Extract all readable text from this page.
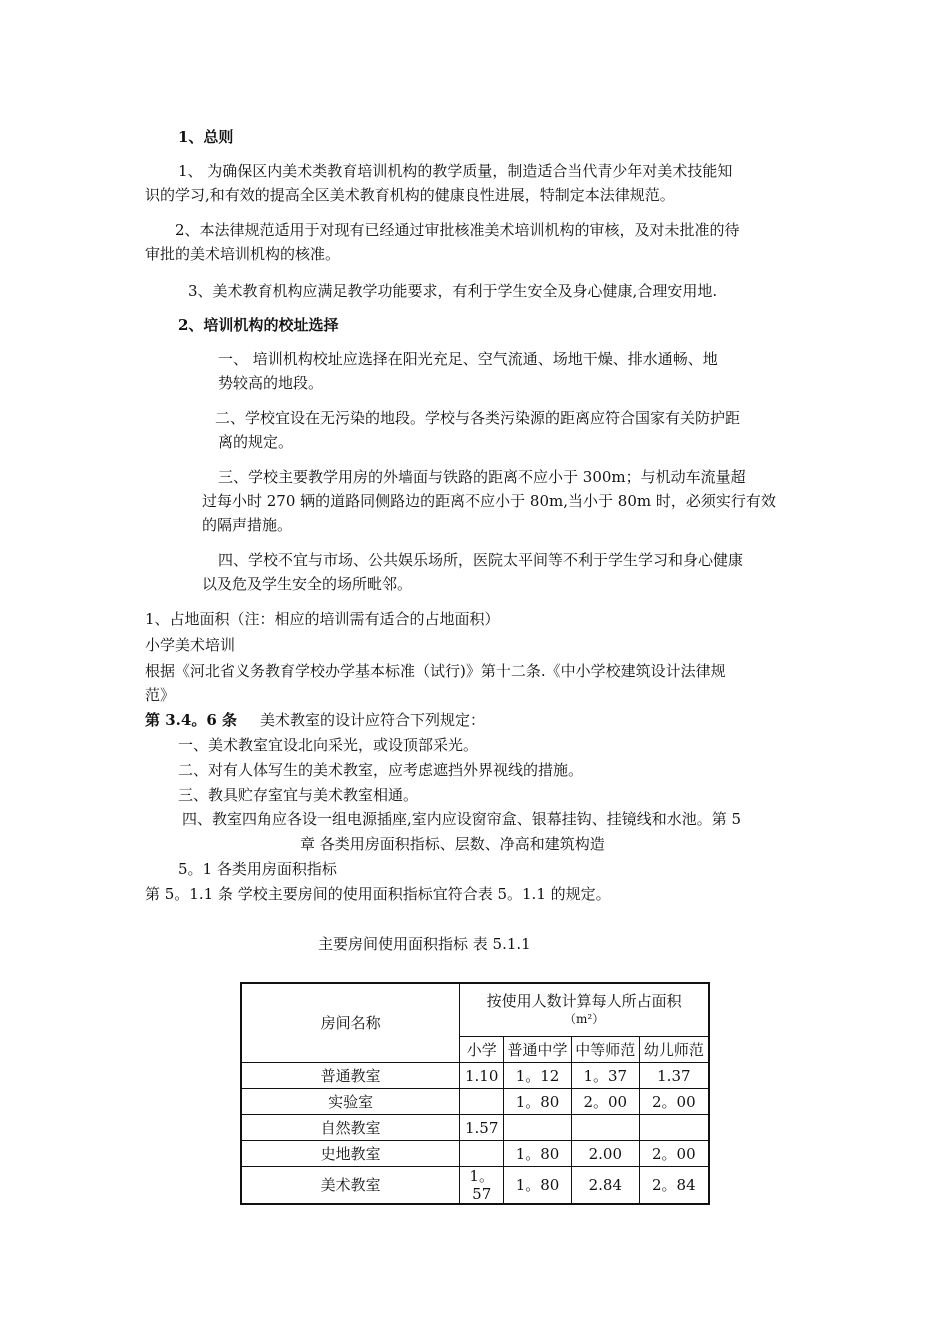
1、总则
1、 为确保区内美术类教育培训机构的教学质量，制造适合当代青少年对美术技能知
识的学习,和有效的提高全区美术教育机构的健康良性进展，特制定本法律规范。
2、本法律规范适用于对现有已经通过审批核准美术培训机构的审核，及对未批准的待
审批的美术培训机构的核准。
3、美术教育机构应满足教学功能要求，有利于学生安全及身心健康,合理安用地.
2、培训机构的校址选择
一、 培训机构校址应选择在阳光充足、空气流通、场地干燥、排水通畅、地
势较高的地段。
二、学校宜设在无污染的地段。学校与各类污染源的距离应符合国家有关防护距
离的规定。
三、学校主要教学用房的外墙面与铁路的距离不应小于 300m；与机动车流量超
过每小时 270 辆的道路同侧路边的距离不应小于 80m,当小于 80m 时，必须实行有效
的隔声措施。
四、学校不宜与市场、公共娱乐场所，医院太平间等不利于学生学习和身心健康
以及危及学生安全的场所毗邻。
1、占地面积（注：相应的培训需有适合的占地面积）
小学美术培训
根据《河北省义务教育学校办学基本标准（试行)》第十二条.《中小学校建筑设计法律规
范》
第 3.4。6 条 美术教室的设计应符合下列规定：
一、美术教室宜设北向采光，或设顶部采光。
二、对有人体写生的美术教室，应考虑遮挡外界视线的措施。
三、教具贮存室宜与美术教室相通。
四、教室四角应各设一组电源插座,室内应设窗帘盒、银幕挂钩、挂镜线和水池。第 5
章 各类用房面积指标、层数、净高和建筑构造
5。1 各类用房面积指标
第 5。1.1 条 学校主要房间的使用面积指标宜符合表 5。1.1 的规定。
主要房间使用面积指标 表 5.1.1
房间名称	按使用人数计算每人所占面积
（m²）			

	小学	普通中学	中等师范	幼儿师范
普通教室	1.10	1。12	1。37	1.37
实验室		1。80	2。00	2。00
自然教室	1.57			
史地教室		1。80	2.00	2。00
美术教室	1。57	1。80	2.84	2。84
